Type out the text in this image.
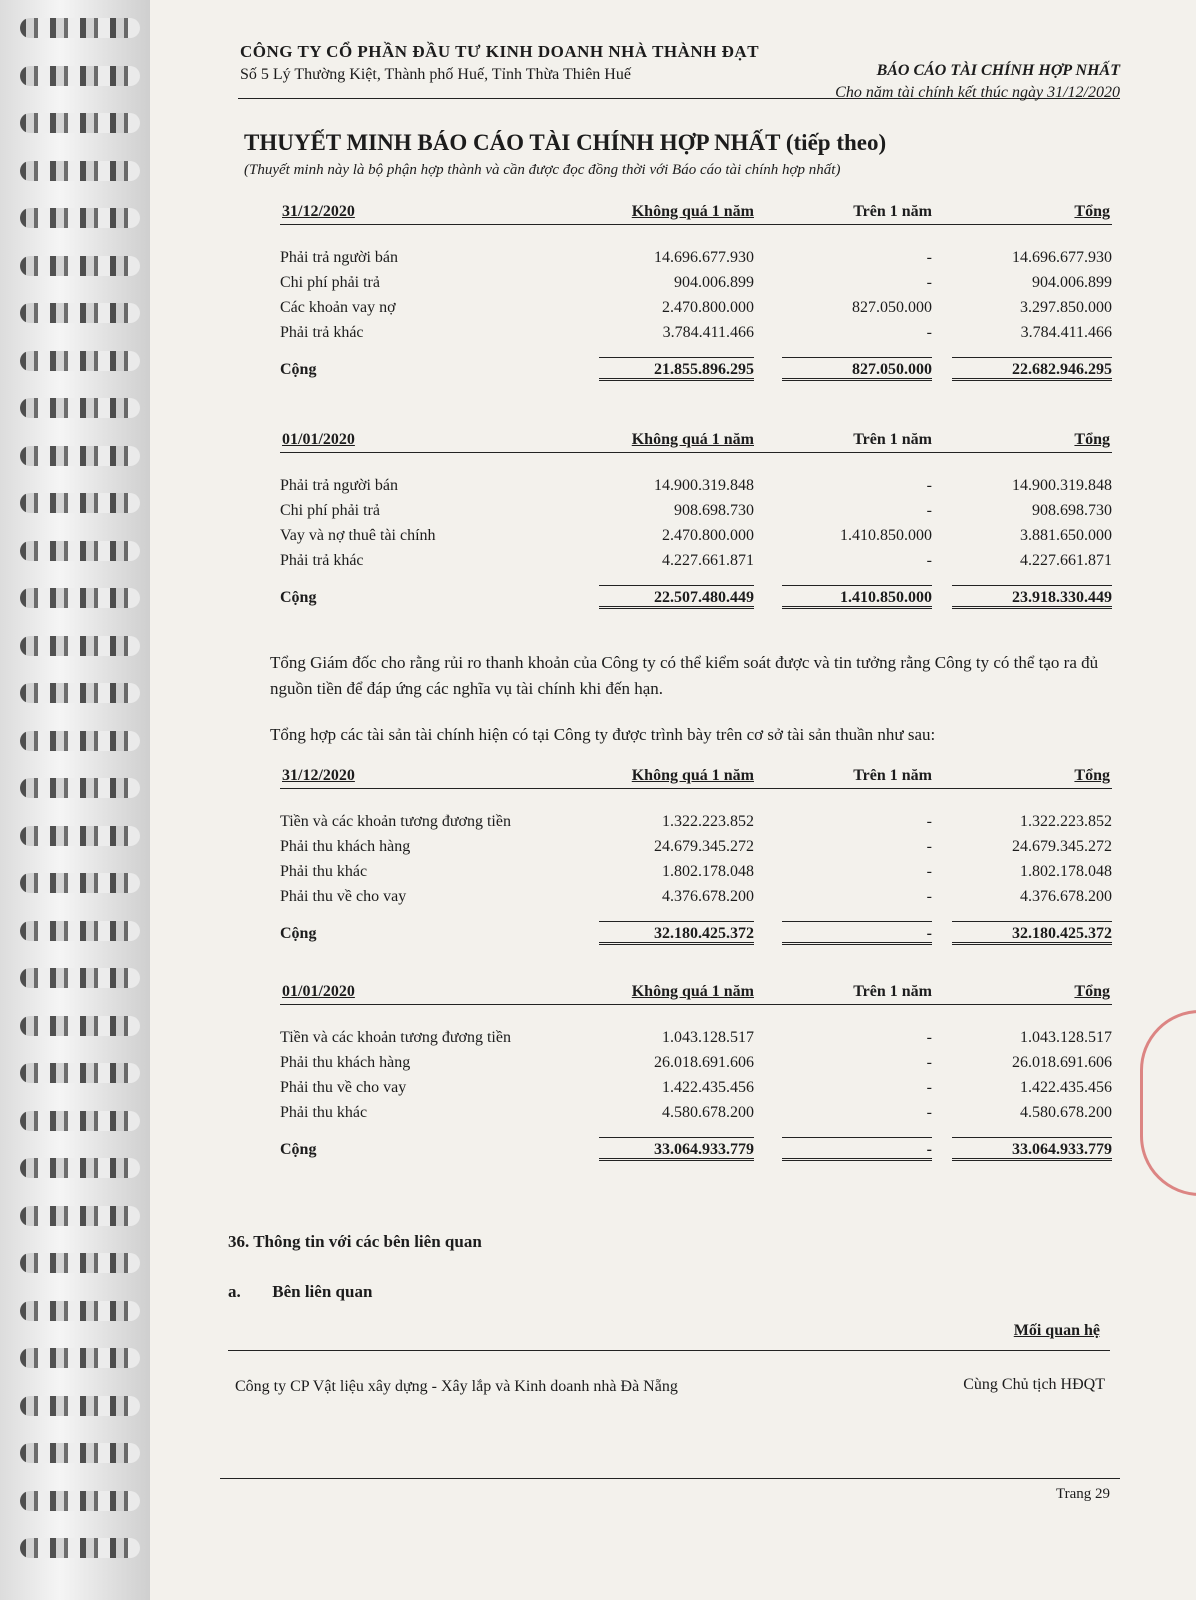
CÔNG TY CỔ PHẦN ĐẦU TƯ KINH DOANH NHÀ THÀNH ĐẠT
Số 5 Lý Thường Kiệt, Thành phố Huế, Tỉnh Thừa Thiên Huế	BÁO CÁO TÀI CHÍNH HỢP NHẤT
Cho năm tài chính kết thúc ngày 31/12/2020
THUYẾT MINH BÁO CÁO TÀI CHÍNH HỢP NHẤT (tiếp theo)
(Thuyết minh này là bộ phận hợp thành và cần được đọc đồng thời với Báo cáo tài chính hợp nhất)
31/12/2020	Không quá 1 năm	Trên 1 năm	Tổng
Phải trả người bán	14.696.677.930	-	14.696.677.930
Chi phí phải trả	904.006.899	-	904.006.899
Các khoản vay nợ	2.470.800.000	827.050.000	3.297.850.000
Phải trả khác	3.784.411.466	-	3.784.411.466
Cộng	21.855.896.295	827.050.000	22.682.946.295
01/01/2020	Không quá 1 năm	Trên 1 năm	Tổng
Phải trả người bán	14.900.319.848	-	14.900.319.848
Chi phí phải trả	908.698.730	-	908.698.730
Vay và nợ thuê tài chính	2.470.800.000	1.410.850.000	3.881.650.000
Phải trả khác	4.227.661.871	-	4.227.661.871
Cộng	22.507.480.449	1.410.850.000	23.918.330.449
Tổng Giám đốc cho rằng rủi ro thanh khoản của Công ty có thể kiểm soát được và tin tưởng rằng Công ty có thể tạo ra đủ nguồn tiền để đáp ứng các nghĩa vụ tài chính khi đến hạn.
Tổng hợp các tài sản tài chính hiện có tại Công ty được trình bày trên cơ sở tài sản thuần như sau:
31/12/2020	Không quá 1 năm	Trên 1 năm	Tổng
Tiền và các khoản tương đương tiền	1.322.223.852	-	1.322.223.852
Phải thu khách hàng	24.679.345.272	-	24.679.345.272
Phải thu khác	1.802.178.048	-	1.802.178.048
Phải thu về cho vay	4.376.678.200	-	4.376.678.200
Cộng	32.180.425.372	-	32.180.425.372
01/01/2020	Không quá 1 năm	Trên 1 năm	Tổng
Tiền và các khoản tương đương tiền	1.043.128.517	-	1.043.128.517
Phải thu khách hàng	26.018.691.606	-	26.018.691.606
Phải thu về cho vay	1.422.435.456	-	1.422.435.456
Phải thu khác	4.580.678.200	-	4.580.678.200
Cộng	33.064.933.779	-	33.064.933.779
36. Thông tin với các bên liên quan
a. Bên liên quan
Mối quan hệ
Công ty CP Vật liệu xây dựng - Xây lắp và Kinh doanh nhà Đà Nẵng	Cùng Chủ tịch HĐQT
Trang 29
